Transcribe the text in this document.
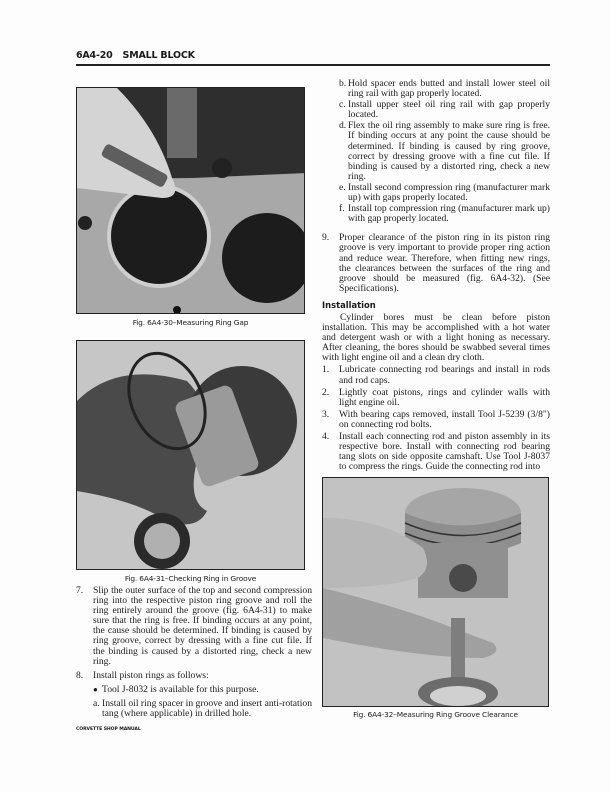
6A4-20 SMALL BLOCK
Fig. 6A4-30–Measuring Ring Gap
Fig. 6A4-31–Checking Ring in Groove

7. Slip the outer surface of the top and second compression ring into the respective piston ring groove and roll the ring entirely around the groove (fig. 6A4-31) to make sure that the ring is free. If binding occurs at any point, the cause should be determined. If binding is caused by ring groove, correct by dressing with a fine cut file. If the binding is caused by a distorted ring, check a new ring.

8. Install piston rings as follows:

● Tool J-8032 is available for this purpose.

a. Install oil ring spacer in groove and insert anti-rotation tang (where applicable) in drilled hole.

b. Hold spacer ends butted and install lower steel oil ring rail with gap properly located.

c. Install upper steel oil ring rail with gap properly located.

d. Flex the oil ring assembly to make sure ring is free. If binding occurs at any point the cause should be determined. If binding is caused by ring groove, correct by dressing groove with a fine cut file. If binding is caused by a distorted ring, check a new ring.

e. Install second compression ring (manufacturer mark up) with gaps properly located.

f. Install top compression ring (manufacturer mark up) with gap properly located.

9. Proper clearance of the piston ring in its piston ring groove is very important to provide proper ring action and reduce wear. Therefore, when fitting new rings, the clearances between the surfaces of the ring and groove should be measured (fig. 6A4-32). (See Specifications).

Installation

Cylinder bores must be clean before piston installation. This may be accomplished with a hot water and detergent wash or with a light honing as necessary. After cleaning, the bores should be swabbed several times with light engine oil and a clean dry cloth.

1. Lubricate connecting rod bearings and install in rods and rod caps.

2. Lightly coat pistons, rings and cylinder walls with light engine oil.

3. With bearing caps removed, install Tool J-5239 (3/8") on connecting rod bolts.

4. Install each connecting rod and piston assembly in its respective bore. Install with connecting rod bearing tang slots on side opposite camshaft. Use Tool J-8037 to compress the rings. Guide the connecting rod into

Fig. 6A4-32–Measuring Ring Groove Clearance
CORVETTE SHOP MANUAL
